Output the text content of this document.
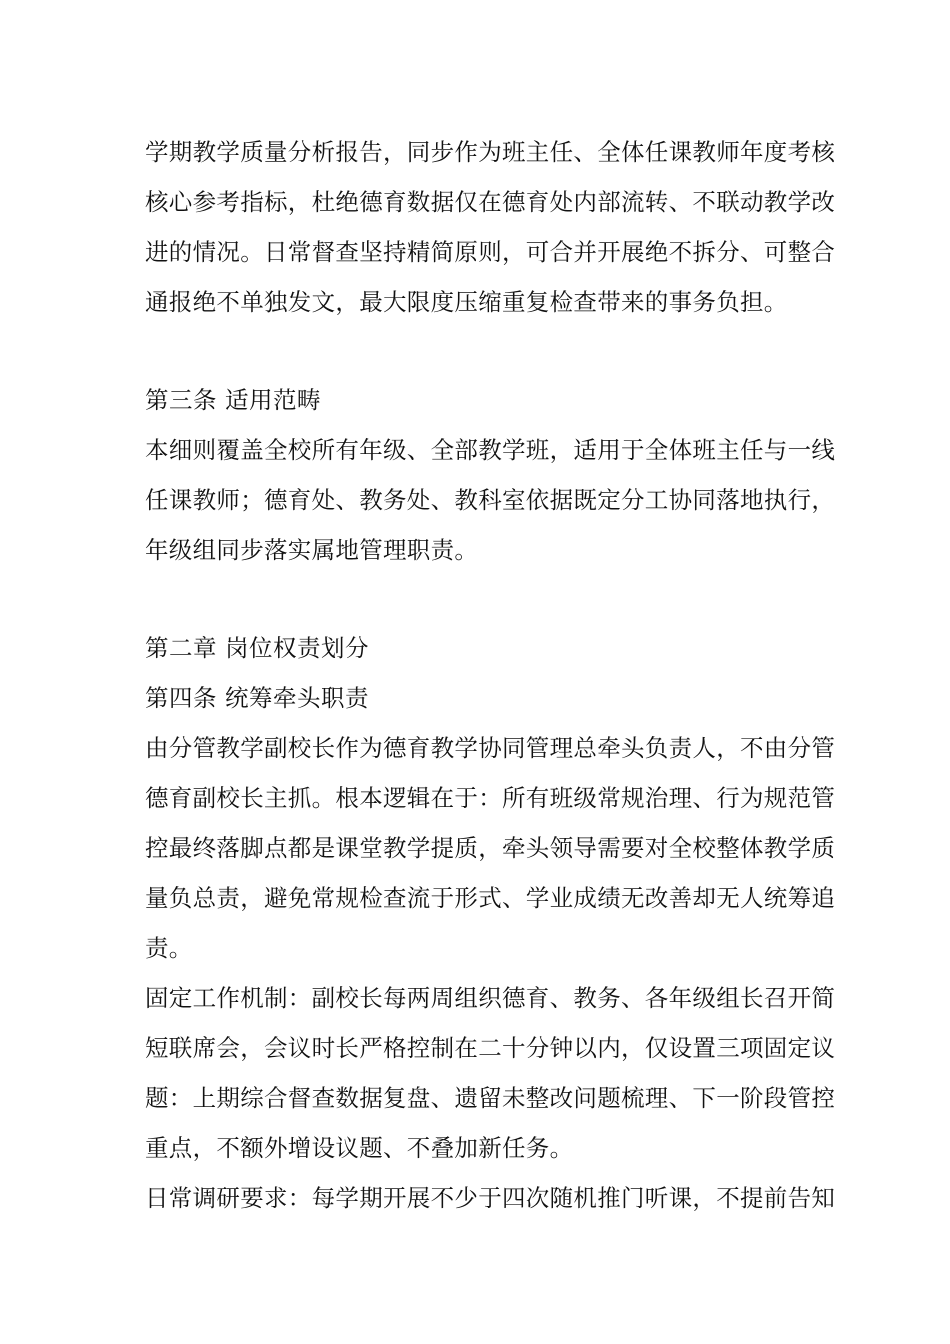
学期教学质量分析报告，同步作为班主任、全体任课教师年度考核
核心参考指标，杜绝德育数据仅在德育处内部流转、不联动教学改
进的情况。日常督查坚持精简原则，可合并开展绝不拆分、可整合
通报绝不单独发文，最大限度压缩重复检查带来的事务负担。
第三条 适用范畴
本细则覆盖全校所有年级、全部教学班，适用于全体班主任与一线
任课教师；德育处、教务处、教科室依据既定分工协同落地执行，
年级组同步落实属地管理职责。
第二章 岗位权责划分
第四条 统筹牵头职责
由分管教学副校长作为德育教学协同管理总牵头负责人，不由分管
德育副校长主抓。根本逻辑在于：所有班级常规治理、行为规范管
控最终落脚点都是课堂教学提质，牵头领导需要对全校整体教学质
量负总责，避免常规检查流于形式、学业成绩无改善却无人统筹追
责。
固定工作机制：副校长每两周组织德育、教务、各年级组长召开简
短联席会，会议时长严格控制在二十分钟以内，仅设置三项固定议
题：上期综合督查数据复盘、遗留未整改问题梳理、下一阶段管控
重点，不额外增设议题、不叠加新任务。
日常调研要求：每学期开展不少于四次随机推门听课，不提前告知
